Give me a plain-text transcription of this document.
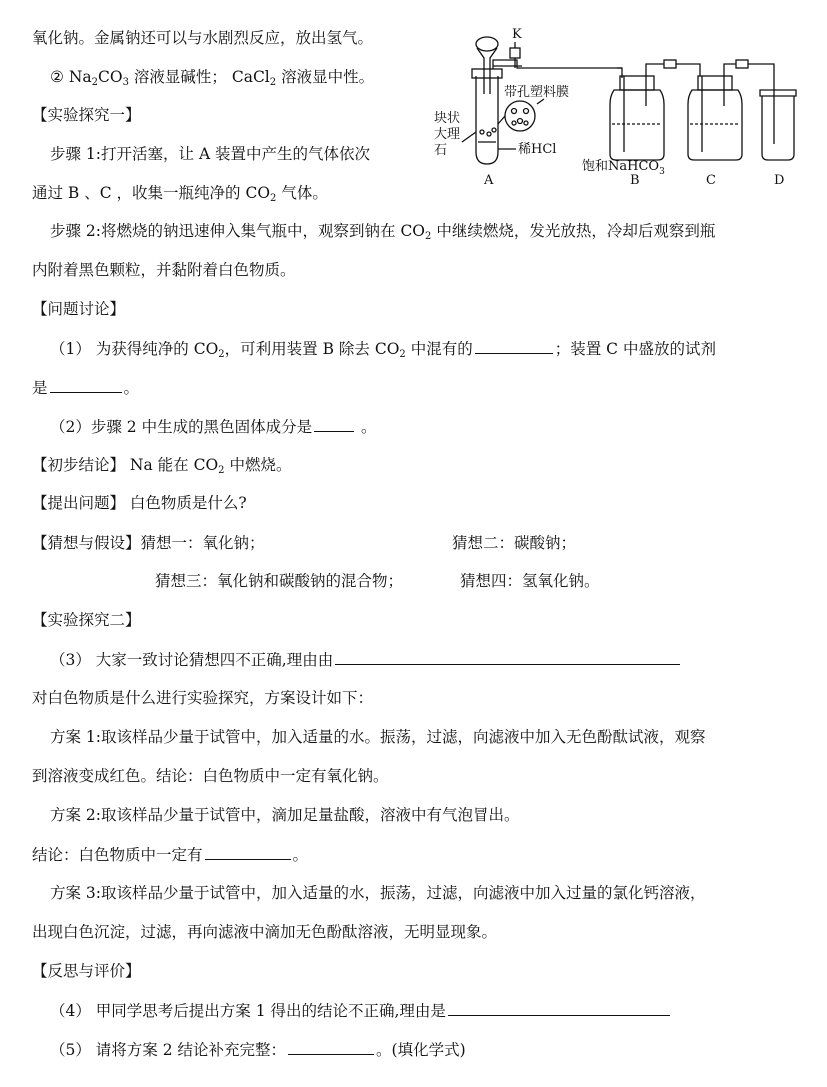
氧化钠。金属钠还可以与水剧烈反应，放出氢气。
② $Na_2CO_3$ 溶液显碱性； CaCl$_2$ 溶液显中性。
【实验探究一】
步骤 1:打开活塞，让 A 装置中产生的气体依次
通过 B 、C ，收集一瓶纯净的 $CO_2$ 气体。
步骤 2:将燃烧的钠迅速伸入集气瓶中，观察到钠在 $CO_2$ 中继续燃烧，发光放热，冷却后观察到瓶
内附着黑色颗粒，并黏附着白色物质。
K
带孔塑料膜
块状
大理
石	稀HCl
饱和NaHCO$_3$
A	B	C	D
【问题讨论】
（1） 为获得纯净的 $CO_2$，可利用装置 B 除去 $CO_2$ 中混有的	；装置 C 中盛放的试剂
是	。
（2）步骤 2 中生成的黑色固体成分是	。
【初步结论】 Na 能在 $CO_2$ 中燃烧。
【提出问题】 白色物质是什么?
【猜想与假设】猜想一：氧化钠；	猜想二：碳酸钠；
猜想三：氧化钠和碳酸钠的混合物；	猜想四：氢氧化钠。
【实验探究二】
（3） 大家一致讨论猜想四不正确,理由由
对白色物质是什么进行实验探究，方案设计如下：
方案 1:取该样品少量于试管中，加入适量的水。振荡，过滤，向滤液中加入无色酚酞试液，观察
到溶液变成红色。结论：白色物质中一定有氧化钠。
方案 2:取该样品少量于试管中，滴加足量盐酸，溶液中有气泡冒出。
结论：白色物质中一定有	。
方案 3:取该样品少量于试管中，加入适量的水，振荡，过滤，向滤液中加入过量的氯化钙溶液，
出现白色沉淀，过滤，再向滤液中滴加无色酚酞溶液，无明显现象。
【反思与评价】
（4） 甲同学思考后提出方案 1 得出的结论不正确,理由是
（5） 请将方案 2 结论补充完整：	。(填化学式)
